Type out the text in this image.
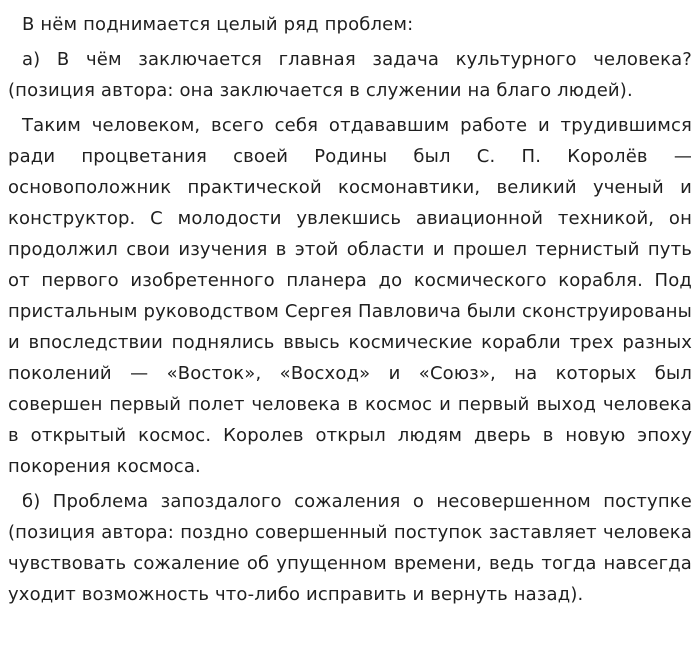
В нём поднимается целый ряд проблем:

а) В чём заключается главная задача культурного человека? (позиция автора: она заключается в служении на благо людей).

Таким человеком, всего себя отдававшим работе и трудившимся ради процветания своей Родины был С. П. Королёв — основоположник практической космонавтики, великий ученый и конструктор. С молодости увлекшись авиационной техникой, он продолжил свои изучения в этой области и прошел тернистый путь от первого изобретенного планера до космического корабля. Под пристальным руководством Сергея Павловича были сконструированы и впоследствии поднялись ввысь космические корабли трех разных поколений — «Восток», «Восход» и «Союз», на которых был совершен первый полет человека в космос и первый выход человека в открытый космос. Королев открыл людям дверь в новую эпоху покорения космоса.

б) Проблема запоздалого сожаления о несовершенном поступке (позиция автора: поздно совершенный поступок заставляет человека чувствовать сожаление об упущенном времени, ведь тогда навсегда уходит возможность что-либо исправить и вернуть назад).
